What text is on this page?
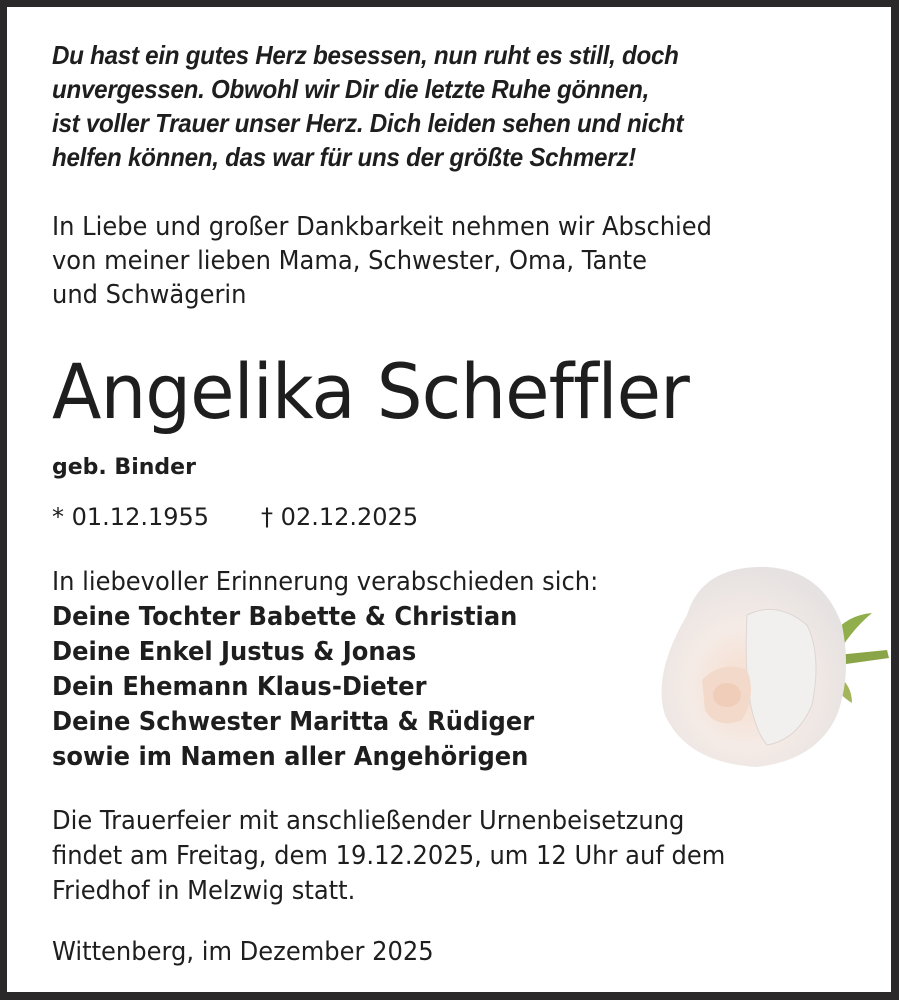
Du hast ein gutes Herz besessen, nun ruht es still, doch
unvergessen. Obwohl wir Dir die letzte Ruhe gönnen,
ist voller Trauer unser Herz. Dich leiden sehen und nicht
helfen können, das war für uns der größte Schmerz!
In Liebe und großer Dankbarkeit nehmen wir Abschied
von meiner lieben Mama, Schwester, Oma, Tante
und Schwägerin
Angelika Scheffler
geb. Binder
* 01.12.1955 † 02.12.2025
In liebevoller Erinnerung verabschieden sich:
Deine Tochter Babette & Christian
Deine Enkel Justus & Jonas
Dein Ehemann Klaus-Dieter
Deine Schwester Maritta & Rüdiger
sowie im Namen aller Angehörigen
Die Trauerfeier mit anschließender Urnenbeisetzung
findet am Freitag, dem 19.12.2025, um 12 Uhr auf dem
Friedhof in Melzwig statt.
Wittenberg, im Dezember 2025
